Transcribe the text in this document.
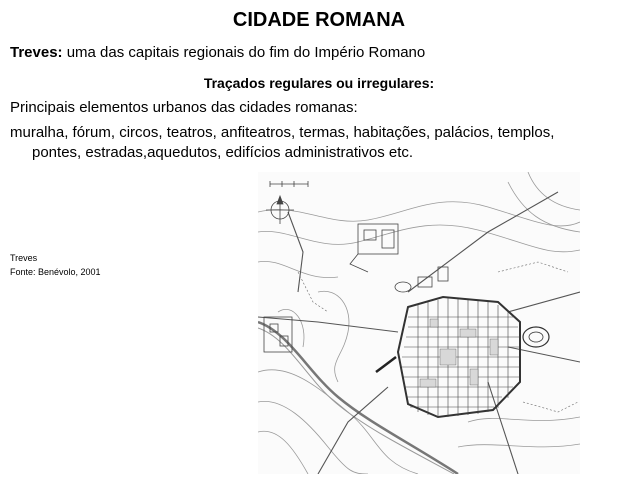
CIDADE ROMANA
Treves: uma das capitais regionais do fim do Império Romano
Traçados regulares ou irregulares:
Principais elementos urbanos das cidades romanas:
muralha, fórum, circos, teatros, anfiteatros, termas, habitações, palácios, templos,
pontes, estradas,aquedutos, edifícios administrativos etc.
Treves
Fonte: Benévolo, 2001
